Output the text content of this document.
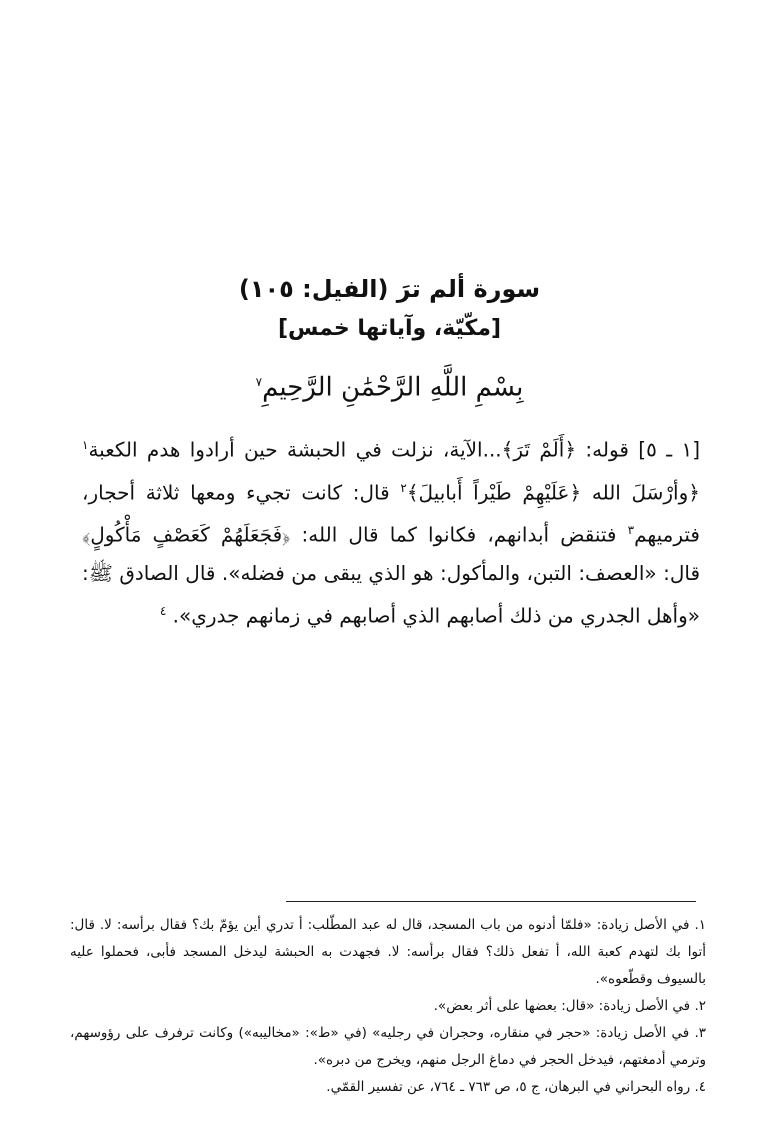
سورة ألم ترَ (الفيل: ١٠٥)
[مكّيّة، وآياتها خمس]
بِسْمِ اللَّهِ الرَّحْمَٰنِ الرَّحِيمِ$^٧$

[١ ـ ٥] قوله: ﴿أَلَمْ تَرَ﴾...الآية، نزلت في الحبشة حين أرادوا هدم الكعبة$^١$ ﴿وأرْسَلَ الله ﴿عَلَيْهِمْ طَيْراً أَبابيلَ﴾$^٢$ قال: كانت تجيء ومعها ثلاثة أحجار، فترميهم$^٣$ فتنقض أبدانهم، فكانوا كما قال الله: ﴿فَجَعَلَهُمْ كَعَصْفٍ مَأْكُولٍ﴾ قال: «العصف: التبن، والمأكول: هو الذي يبقى من فضله». قال الصادق ﷺ: «وأهل الجدري من ذلك أصابهم الذي أصابهم في زمانهم جدري». $^٤$

١. في الأصل زيادة: «فلمّا أدنوه من باب المسجد، قال له عبد المطّلب: أ تدري أين يؤمّ بك؟ فقال برأسه: لا. قال: أتوا بك لتهدم كعبة الله، أ تفعل ذلك؟ فقال برأسه: لا. فجهدت به الحبشة ليدخل المسجد فأبى، فحملوا عليه بالسيوف وقطّعوه».
٢. في الأصل زيادة: «قال: بعضها على أثر بعض».
٣. في الأصل زيادة: «حجر في منقاره، وحجران في رجليه» (في «ط»: «مخاليبه») وكانت ترفرف على رؤوسهم، وترمي أدمغتهم، فيدخل الحجر في دماغ الرجل منهم، ويخرج من دبره».
٤. رواه البحراني في البرهان، ج ٥، ص ٧٦٣ ـ ٧٦٤، عن تفسير القمّي.
